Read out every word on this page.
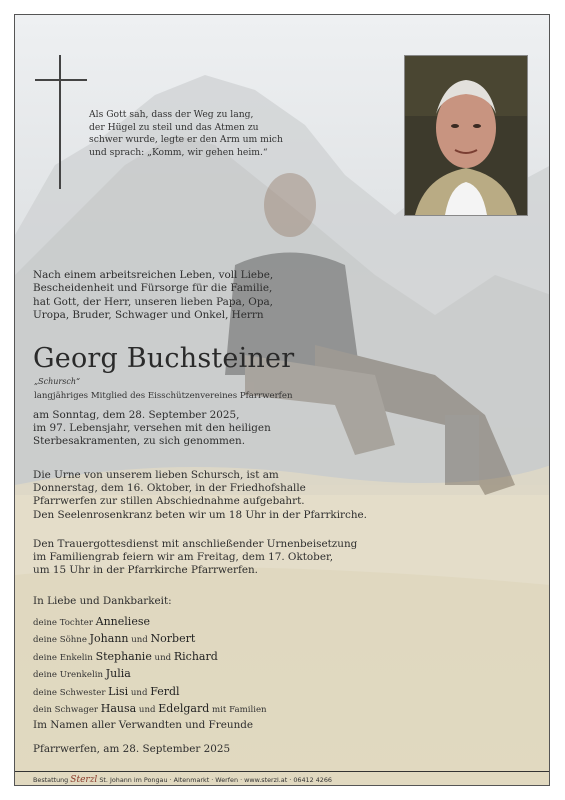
Als Gott sah, dass der Weg zu lang,
der Hügel zu steil und das Atmen zu
schwer wurde, legte er den Arm um mich
und sprach: „Komm, wir gehen heim.“
Nach einem arbeitsreichen Leben, voll Liebe,
Bescheidenheit und Fürsorge für die Familie,
hat Gott, der Herr, unseren lieben Papa, Opa,
Uropa, Bruder, Schwager und Onkel, Herrn
Georg Buchsteiner
„Schursch“
langjähriges Mitglied des Eisschützenvereines Pfarrwerfen
am Sonntag, dem 28. September 2025,
im 97. Lebensjahr, versehen mit den heiligen
Sterbesakramenten, zu sich genommen.
Die Urne von unserem lieben Schursch, ist am
Donnerstag, dem 16. Oktober, in der Friedhofshalle
Pfarrwerfen zur stillen Abschiednahme aufgebahrt.
Den Seelenrosenkranz beten wir um 18 Uhr in der Pfarrkirche.
Den Trauergottesdienst mit anschließender Urnenbeisetzung
im Familiengrab feiern wir am Freitag, dem 17. Oktober,
um 15 Uhr in der Pfarrkirche Pfarrwerfen.
In Liebe und Dankbarkeit:
deine Tochter Anneliese
deine Söhne Johann und Norbert
deine Enkelin Stephanie und Richard
deine Urenkelin Julia
deine Schwester Lisi und Ferdl
dein Schwager Hausa und Edelgard mit Familien
Im Namen aller Verwandten und Freunde
Pfarrwerfen, am 28. September 2025
Bestattung Sterzl St. Johann im Pongau · Altenmarkt · Werfen · www.sterzl.at · 06412 4266
